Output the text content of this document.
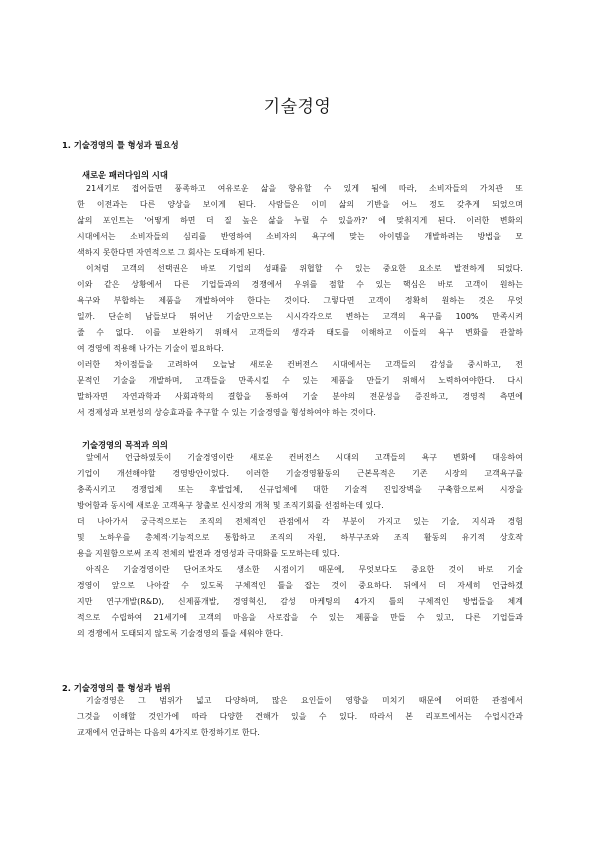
기술경영
1. 기술경영의 틀 형성과 필요성
새로운 패러다임의 시대
21세기로 접어들면 풍족하고 여유로운 삶을 향유할 수 있게 됨에 따라, 소비자들의 가치관 또
한 이전과는 다른 양상을 보이게 된다. 사람들은 이미 삶의 기반을 어느 정도 갖추게 되었으며
삶의 포인트는 '어떻게 하면 더 질 높은 삶을 누릴 수 있을까?' 에 맞춰지게 된다. 이러한 변화의
시대에서는 소비자들의 심리를 반영하여 소비자의 욕구에 맞는 아이템을 개발하려는 방법을 모
색하지 못한다면 자연적으로 그 회사는 도태하게 된다.
이처럼 고객의 선택권은 바로 기업의 성패를 위협할 수 있는 중요한 요소로 발전하게 되었다.
이와 같은 상황에서 다른 기업들과의 경쟁에서 우위를 점할 수 있는 핵심은 바로 고객이 원하는
욕구와 부합하는 제품을 개발하여야 한다는 것이다. 그렇다면 고객이 정확히 원하는 것은 무엇
일까. 단순히 남들보다 뛰어난 기술만으로는 시시각각으로 변하는 고객의 욕구를 100% 만족시켜
줄 수 없다. 이를 보완하기 위해서 고객들의 생각과 태도를 이해하고 이들의 욕구 변화를 관찰하
여 경영에 적용해 나가는 기술이 필요하다.
이러한 차이점들을 고려하여 오늘날 새로운 컨버전스 시대에서는 고객들의 감성을 중시하고, 전
문적인 기술을 개발하며, 고객들을 만족시킬 수 있는 제품을 만들기 위해서 노력하여야한다. 다시
말하자면 자연과학과 사회과학의 결합을 통하여 기술 분야의 전문성을 증진하고, 경영적 측면에
서 경제성과 보편성의 상승효과를 추구할 수 있는 기술경영을 형성하여야 하는 것이다.
기술경영의 목적과 의의
앞에서 언급하였듯이 기술경영이란 새로운 컨버전스 시대의 고객들의 욕구 변화에 대응하여
기업이 개선해야할 경영방안이었다. 이러한 기술경영활동의 근본목적은 기존 시장의 고객욕구를
충족시키고 경쟁업체 또는 후발업체, 신규업체에 대한 기술적 진입장벽을 구축함으로써 시장을
방어함과 동시에 새로운 고객욕구 창출로 신시장의 개척 및 조직기회를 선점하는데 있다.
더 나아가서 궁극적으로는 조직의 전체적인 관점에서 각 부분이 가지고 있는 기술, 지식과 경험
및 노하우를 총체적·기능적으로 통합하고 조직의 자원, 하부구조와 조직 활동의 유기적 상호작
용을 지원함으로써 조직 전체의 발전과 경영성과 극대화를 도모하는데 있다.
아직은 기술경영이란 단어조차도 생소한 시점이기 때문에, 무엇보다도 중요한 것이 바로 기술
경영이 앞으로 나아갈 수 있도록 구체적인 틀을 잡는 것이 중요하다. 뒤에서 더 자세히 언급하겠
지만 연구개발(R&D), 신제품개발, 경영혁신, 감성 마케팅의 4가지 틀의 구체적인 방법들을 체계
적으로 수립하여 21세기에 고객의 마음을 사로잡을 수 있는 제품을 만들 수 있고, 다른 기업들과
의 경쟁에서 도태되지 않도록 기술경영의 틀을 세워야 한다.
2. 기술경영의 틀 형성과 범위
기술경영은 그 범위가 넓고 다양하며, 많은 요인들이 영향을 미치기 때문에 어떠한 관점에서
그것을 이해할 것인가에 따라 다양한 견해가 있을 수 있다. 따라서 본 리포트에서는 수업시간과
교재에서 언급하는 다음의 4가지로 한정하기로 한다.
